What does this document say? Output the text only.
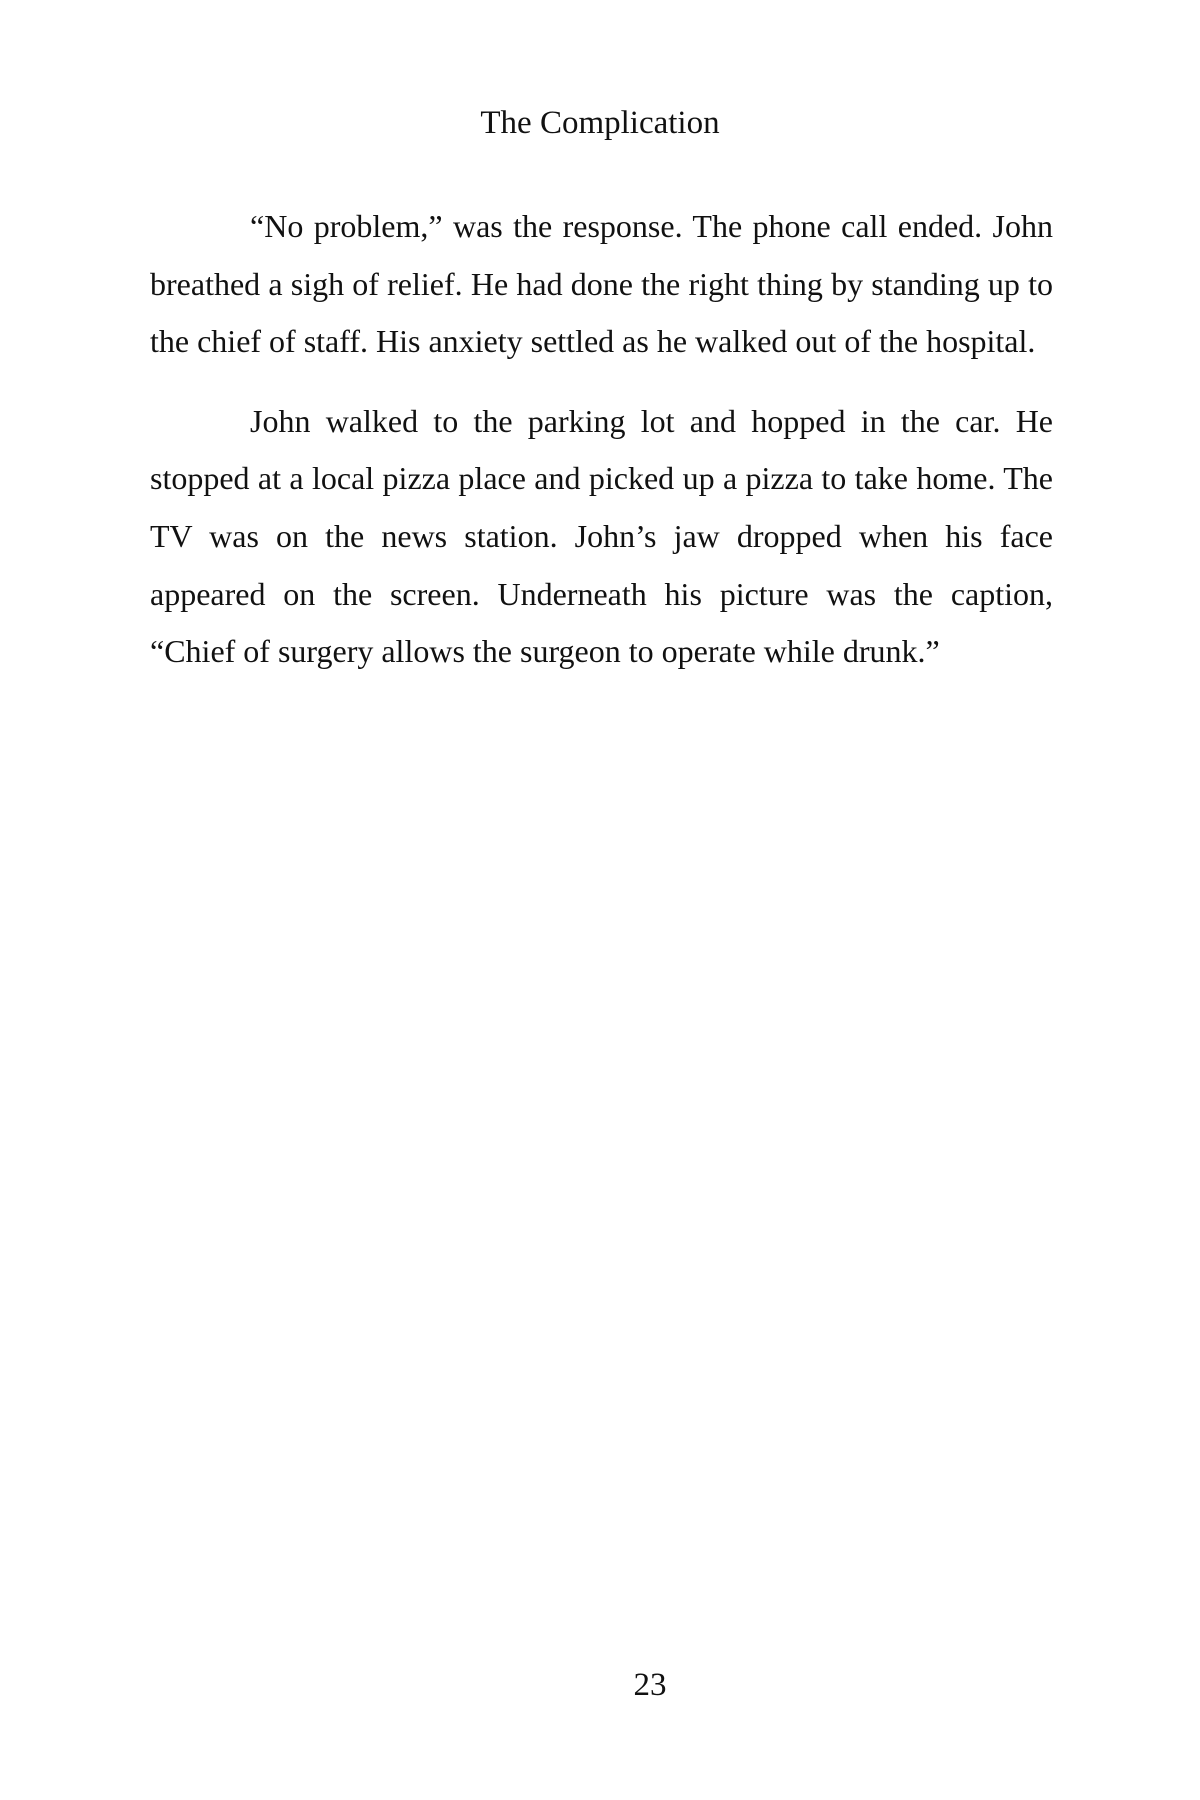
The Complication

“No problem,” was the response. The phone call ended. John breathed a sigh of relief. He had done the right thing by standing up to the chief of staff. His anxiety settled as he walked out of the hospital.

John walked to the parking lot and hopped in the car. He stopped at a local pizza place and picked up a pizza to take home. The TV was on the news station. John’s jaw dropped when his face appeared on the screen. Underneath his picture was the caption, “Chief of surgery allows the surgeon to operate while drunk.”

23
